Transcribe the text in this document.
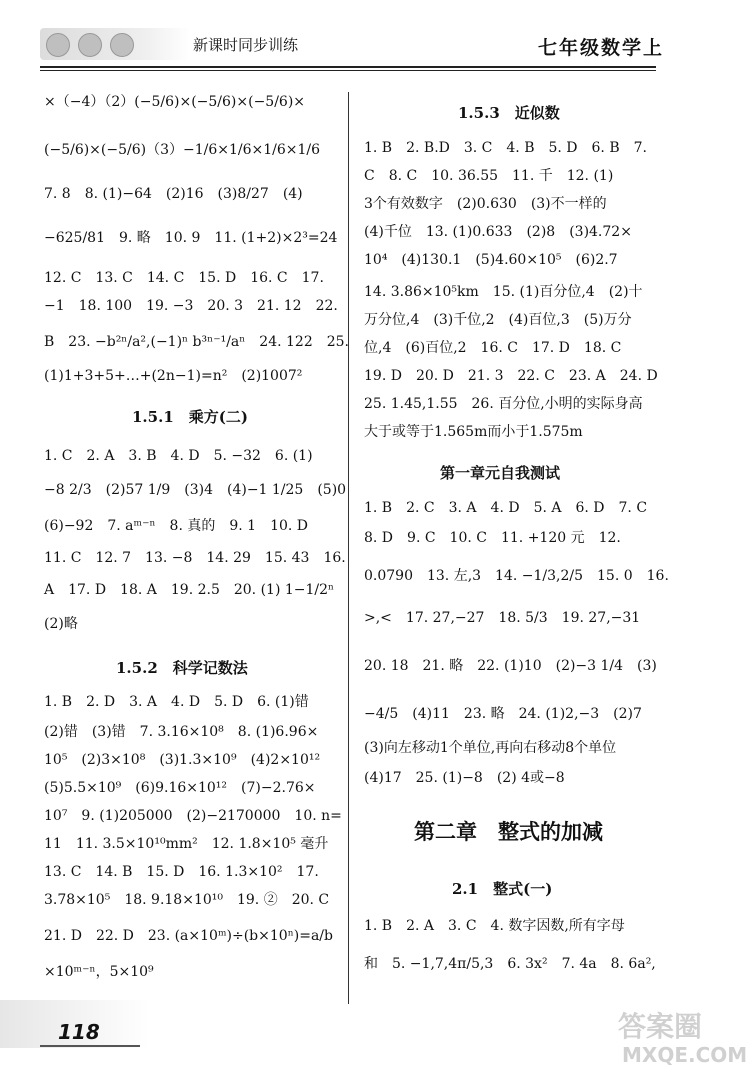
新课时同步训练	七年级数学上
×（−4）（2）(−5/6)×(−5/6)×(−5/6)×
(−5/6)×(−5/6)（3）−1/6×1/6×1/6×1/6
7. 8　8. (1)−64　(2)16　(3)8/27　(4)
−625/81　9. 略　10. 9　11. (1+2)×2³=24
12. C　13. C　14. C　15. D　16. C　17.
−1　18. 100　19. −3　20. 3　21. 12　22.
B　23. −b²ⁿ/a²,(−1)ⁿ b³ⁿ⁻¹/aⁿ　24. 122　25.
(1)1+3+5+…+(2n−1)=n²　(2)1007²
1.5.1　乘方(二)
1. C　2. A　3. B　4. D　5. −32　6. (1)
−8 2/3　(2)57 1/9　(3)4　(4)−1 1/25　(5)0
(6)−92　7. aᵐ⁻ⁿ　8. 真的　9. 1　10. D
11. C　12. 7　13. −8　14. 29　15. 43　16.
A　17. D　18. A　19. 2.5　20. (1) 1−1/2ⁿ
(2)略
1.5.2　科学记数法
1. B　2. D　3. A　4. D　5. D　6. (1)错
(2)错　(3)错　7. 3.16×10⁸　8. (1)6.96×
10⁵　(2)3×10⁸　(3)1.3×10⁹　(4)2×10¹²
(5)5.5×10⁹　(6)9.16×10¹²　(7)−2.76×
10⁷　9. (1)205000　(2)−2170000　10. n=
11　11. 3.5×10¹⁰mm²　12. 1.8×10⁵ 毫升
13. C　14. B　15. D　16. 1.3×10²　17.
3.78×10⁵　18. 9.18×10¹⁰　19. ②　20. C
21. D　22. D　23. (a×10ᵐ)÷(b×10ⁿ)=a/b
×10ᵐ⁻ⁿ，5×10⁹
1.5.3　近似数
1. B　2. B.D　3. C　4. B　5. D　6. B　7.
C　8. C　10. 36.55　11. 千　12. (1)
3个有效数字　(2)0.630　(3)不一样的
(4)千位　13. (1)0.633　(2)8　(3)4.72×
10⁴　(4)130.1　(5)4.60×10⁵　(6)2.7
14. 3.86×10⁵km　15. (1)百分位,4　(2)十
万分位,4　(3)千位,2　(4)百位,3　(5)万分
位,4　(6)百位,2　16. C　17. D　18. C
19. D　20. D　21. 3　22. C　23. A　24. D
25. 1.45,1.55　26. 百分位,小明的实际身高
大于或等于1.565m而小于1.575m
第一章元自我测试
1. B　2. C　3. A　4. D　5. A　6. D　7. C
8. D　9. C　10. C　11. +120 元　12.
0.0790　13. 左,3　14. −1/3,2/5　15. 0　16.
>,<　17. 27,−27　18. 5/3　19. 27,−31
20. 18　21. 略　22. (1)10　(2)−3 1/4　(3)
−4/5　(4)11　23. 略　24. (1)2,−3　(2)7
(3)向左移动1个单位,再向右移动8个单位
(4)17　25. (1)−8　(2) 4或−8
第二章　整式的加减
2.1　整式(一)
1. B　2. A　3. C　4. 数字因数,所有字母
和　5. −1,7,4π/5,3　6. 3x²　7. 4a　8. 6a²,
118	答案圈
MXQE.COM
